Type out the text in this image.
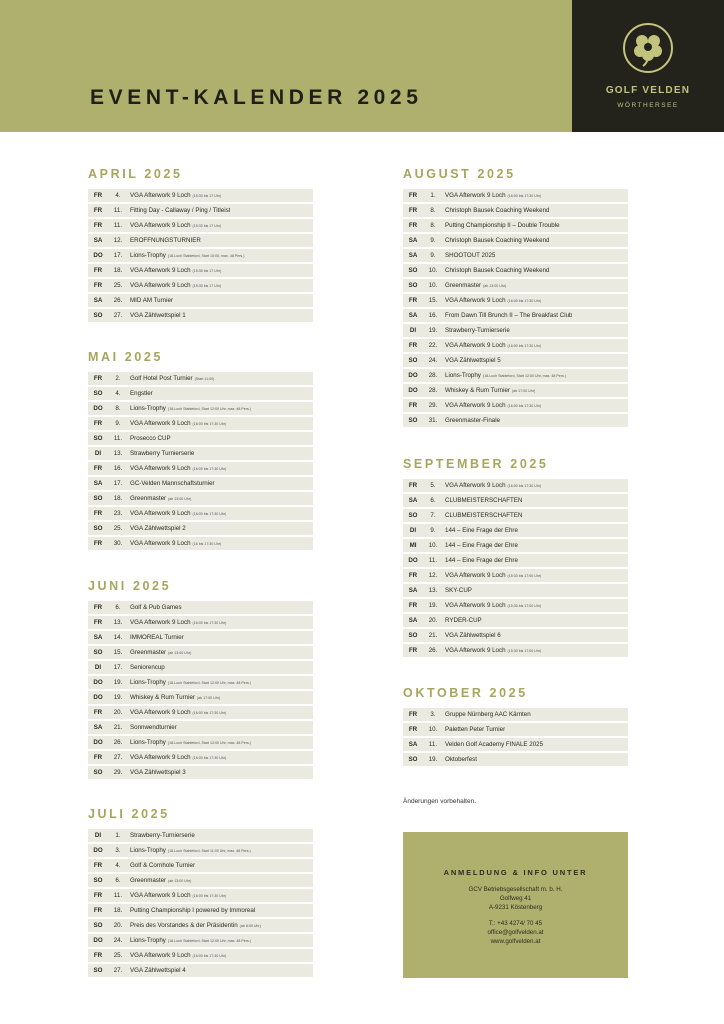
EVENT-KALENDER 2025	GOLF VELDEN
WÖRTHERSEE
APRIL 2025
FR	4.	VGA Afterwork 9 Loch (15:30 bis 17 Uhr)
FR	11.	Fitting Day - Callaway / Ping / Titleist
FR	11.	VGA Afterwork 9 Loch (15:30 bis 17 Uhr)
SA	12.	ERÖFFNUNGSTURNIER
DO	17.	Lions-Trophy (18-Loch Stableford, Start 10:00, max. 48 Pers.)
FR	18.	VGA Afterwork 9 Loch (15:30 bis 17 Uhr)
FR	25.	VGA Afterwork 9 Loch (15:30 bis 17 Uhr)
SA	26.	MID AM Turnier
SO	27.	VGA Zählwettspiel 1
MAI 2025
FR	2.	Golf Hotel Post Turnier (Start 11:00)
SO	4.	Engstler
DO	8.	Lions-Trophy (18-Loch Stableford, Start 12:00 Uhr, max. 48 Pers.)
FR	9.	VGA Afterwork 9 Loch (16:00 bis 17:30 Uhr)
SO	11.	Prosecco CUP
DI	13.	Strawberry Turnierserie
FR	16.	VGA Afterwork 9 Loch (16:00 bis 17:30 Uhr)
SA	17.	GC-Velden Mannschaftsturnier
SO	18.	Greenmaster (ab 13:00 Uhr)
FR	23.	VGA Afterwork 9 Loch (16:00 bis 17:30 Uhr)
SO	25.	VGA Zählwettspiel 2
FR	30.	VGA Afterwork 9 Loch (16 bis 17:30 Uhr)
JUNI 2025
FR	6.	Golf & Pub Games
FR	13.	VGA Afterwork 9 Loch (16:00 bis 17:30 Uhr)
SA	14.	IMMOREAL Turnier
SO	15.	Greenmaster (ab 13:00 Uhr)
DI	17.	Seniorencup
DO	19.	Lions-Trophy (18-Loch Stableford, Start 12:00 Uhr, max. 48 Pers.)
DO	19.	Whiskey & Rum Turnier (ab 17:00 Uhr)
FR	20.	VGA Afterwork 9 Loch (16:00 bis 17:30 Uhr)
SA	21.	Sonnwendturnier
DO	26.	Lions-Trophy (18-Loch Stableford, Start 12:00 Uhr, max. 48 Pers.)
FR	27.	VGA Afterwork 9 Loch (16:00 bis 17:30 Uhr)
SO	29.	VGA Zählwettspiel 3
JULI 2025
DI	1.	Strawberry-Turnierserie
DO	3.	Lions-Trophy (18-Loch Stableford, Start 11:00 Uhr, max. 48 Pers.)
FR	4.	Golf & Cornhole Turnier
SO	6.	Greenmaster (ab 13:00 Uhr)
FR	11.	VGA Afterwork 9 Loch (16:00 bis 17:30 Uhr)
FR	18.	Putting Championship I powered by Immoreal
SO	20.	Preis des Vorstandes & der Präsidentin (ab 8:00 Uhr)
DO	24.	Lions-Trophy (18-Loch Stableford, Start 12:00 Uhr, max. 48 Pers.)
FR	25.	VGA Afterwork 9 Loch (16:00 bis 17:30 Uhr)
SO	27.	VGA Zählwettspiel 4
AUGUST 2025
FR	1.	VGA Afterwork 9 Loch (16:00 bis 17:30 Uhr)
FR	8.	Christoph Bausek Coaching Weekend
FR	8.	Putting Championship II – Double Trouble
SA	9.	Christoph Bausek Coaching Weekend
SA	9.	SHOOTOUT 2025
SO	10.	Christoph Bausek Coaching Weekend
SO	10.	Greenmaster (ab 13:00 Uhr)
FR	15.	VGA Afterwork 9 Loch (16:00 bis 17:30 Uhr)
SA	16.	From Dawn Till Brunch II – The Breakfast Club
DI	19.	Strawberry-Turnierserie
FR	22.	VGA Afterwork 9 Loch (16:00 bis 17:30 Uhr)
SO	24.	VGA Zählwettspiel 5
DO	28.	Lions-Trophy (18-Loch Stableford, Start 12:00 Uhr, max. 48 Pers.)
DO	28.	Whiskey & Rum Turnier (ab 17:00 Uhr)
FR	29.	VGA Afterwork 9 Loch (16:00 bis 17:30 Uhr)
SO	31.	Greenmaster-Finale
SEPTEMBER 2025
FR	5.	VGA Afterwork 9 Loch (16:00 bis 17:30 Uhr)
SA	6.	CLUBMEISTERSCHAFTEN
SO	7.	CLUBMEISTERSCHAFTEN
DI	9.	144 – Eine Frage der Ehre
MI	10.	144 – Eine Frage der Ehre
DO	11.	144 – Eine Frage der Ehre
FR	12.	VGA Afterwork 9 Loch (15:30 bis 17:00 Uhr)
SA	13.	SKY-CUP
FR	19.	VGA Afterwork 9 Loch (15:30 bis 17:00 Uhr)
SA	20.	RYDER-CUP
SO	21.	VGA Zählwettspiel 6
FR	26.	VGA Afterwork 9 Loch (15:30 bis 17:00 Uhr)
OKTOBER 2025
FR	3.	Gruppe Nürnberg AAC Kärnten
FR	10.	Paletten Peter Turnier
SA	11.	Velden Golf Academy FINALE 2025
SO	19.	Oktoberfest
Änderungen vorbehalten.
ANMELDUNG & INFO UNTER
GCV Betriebsgesellschaft m. b. H.
Golfweg 41
A-9231 Köstenberg
T.: +43 4274/ 70 45
office@golfvelden.at
www.golfvelden.at
